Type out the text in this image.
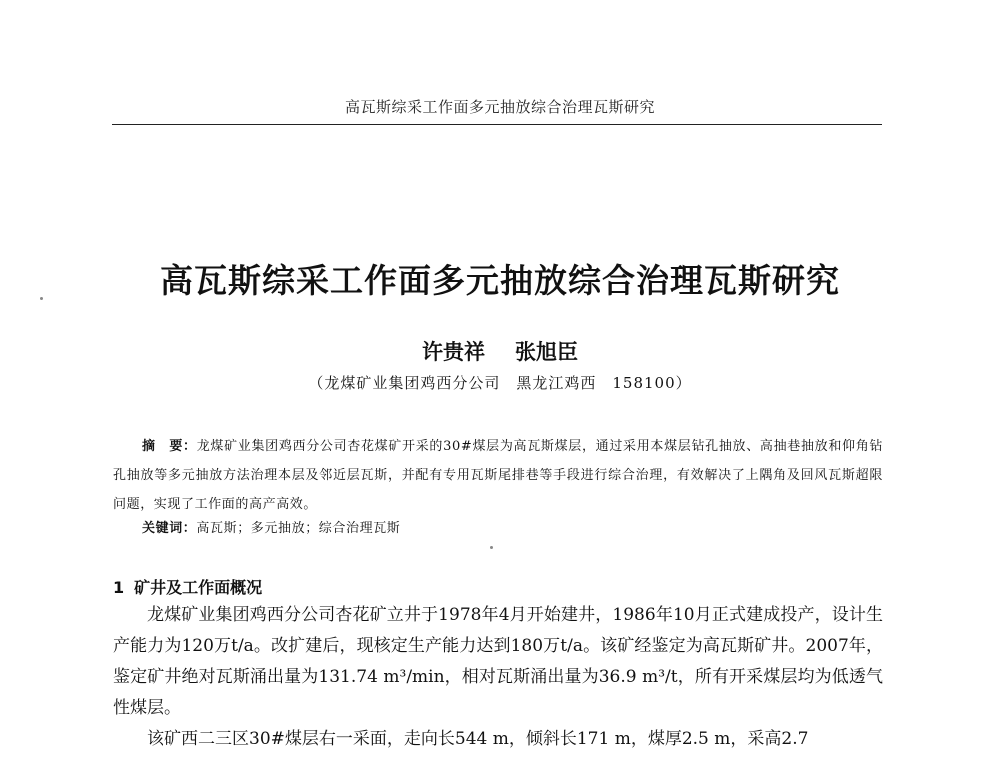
高瓦斯综采工作面多元抽放综合治理瓦斯研究
高瓦斯综采工作面多元抽放综合治理瓦斯研究
许贵祥 张旭臣
（龙煤矿业集团鸡西分公司　黑龙江鸡西　158100）
摘　要：龙煤矿业集团鸡西分公司杏花煤矿开采的30#煤层为高瓦斯煤层，通过采用本煤层钻孔抽放、高抽巷抽放和仰角钻孔抽放等多元抽放方法治理本层及邻近层瓦斯，并配有专用瓦斯尾排巷等手段进行综合治理，有效解决了上隅角及回风瓦斯超限问题，实现了工作面的高产高效。
关键词：高瓦斯；多元抽放；综合治理瓦斯
1 矿井及工作面概况

龙煤矿业集团鸡西分公司杏花矿立井于1978年4月开始建井，1986年10月正式建成投产，设计生产能力为120万t/a。改扩建后，现核定生产能力达到180万t/a。该矿经鉴定为高瓦斯矿井。2007年，鉴定矿井绝对瓦斯涌出量为131.74 m³/min，相对瓦斯涌出量为36.9 m³/t，所有开采煤层均为低透气性煤层。

该矿西二三区30#煤层右一采面，走向长544 m，倾斜长171 m，煤厚2.5 m，采高2.7
